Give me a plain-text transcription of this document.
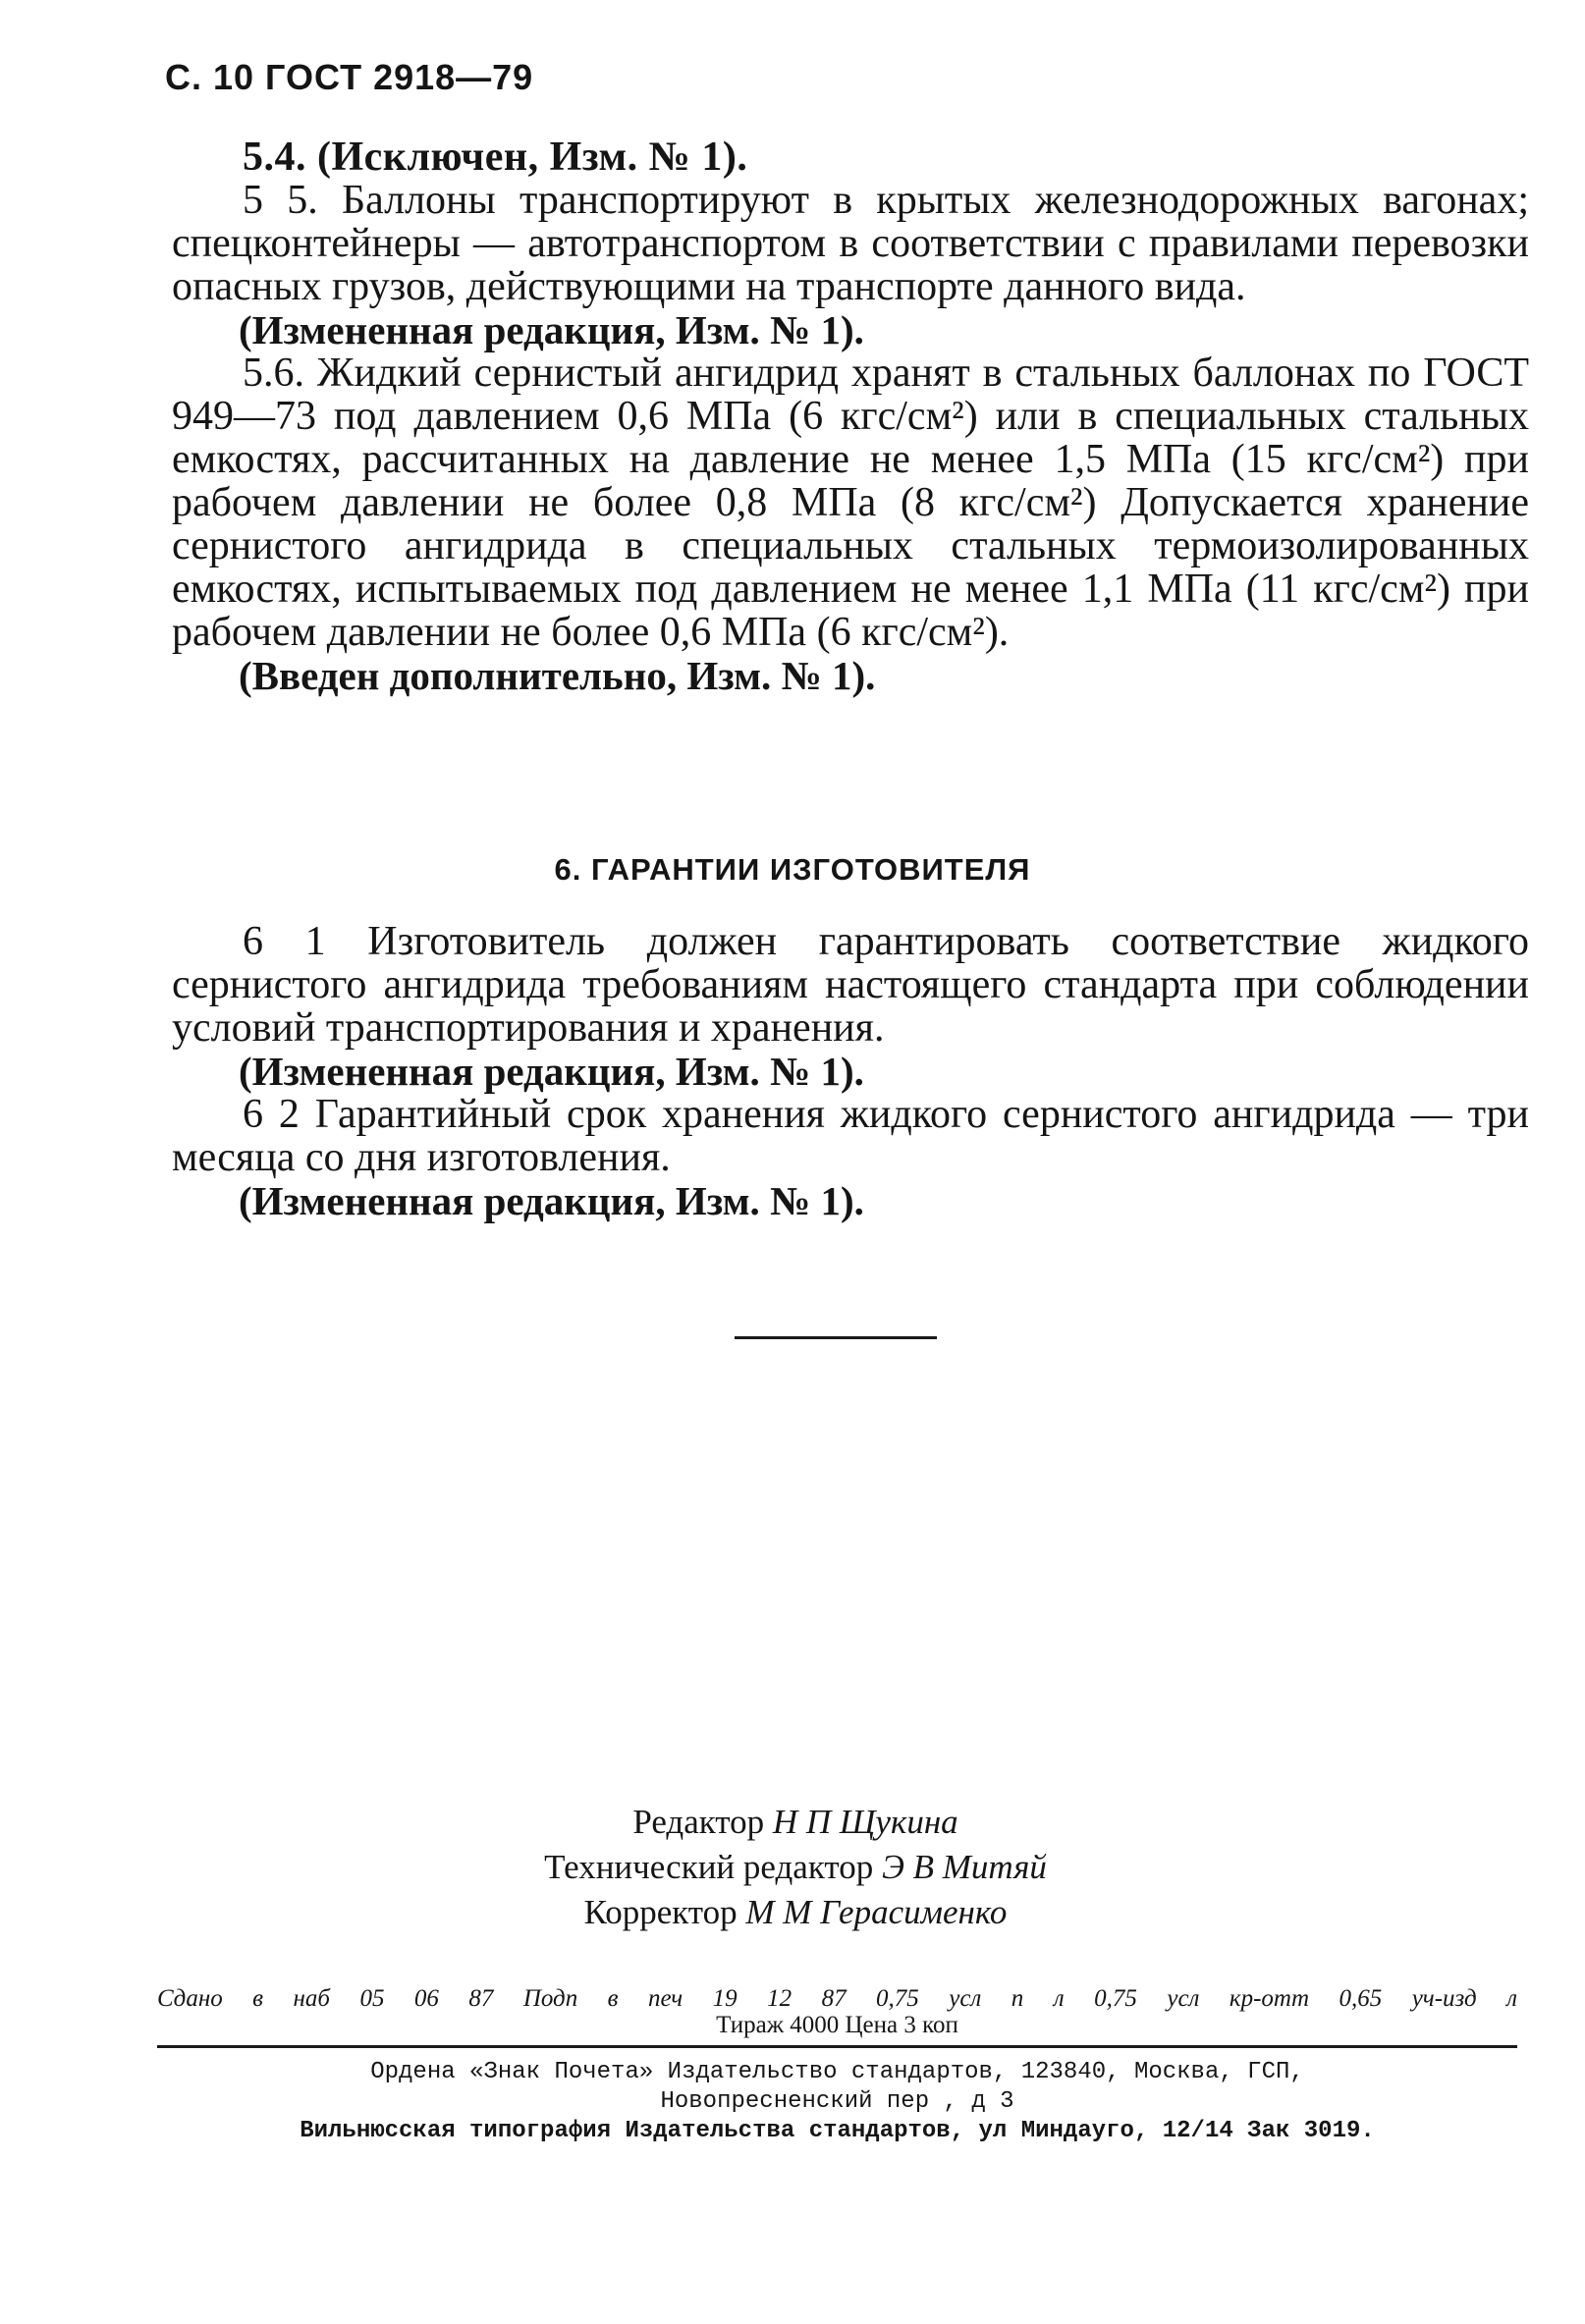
С. 10 ГОСТ 2918—79

5.4. (Исключен, Изм. № 1).

5 5. Баллоны транспортируют в крытых железнодорожных вагонах; спецконтейнеры — автотранспортом в соответствии с правилами перевозки опасных грузов, действующими на транспорте данного вида.

(Измененная редакция, Изм. № 1).

5.6. Жидкий сернистый ангидрид хранят в стальных баллонах по ГОСТ 949—73 под давлением 0,6 МПа (6 кгс/см²) или в специальных стальных емкостях, рассчитанных на давление не менее 1,5 МПа (15 кгс/см²) при рабочем давлении не более 0,8 МПа (8 кгс/см²) Допускается хранение сернистого ангидрида в специальных стальных термоизолированных емкостях, испытываемых под давлением не менее 1,1 МПа (11 кгс/см²) при рабочем давлении не более 0,6 МПа (6 кгс/см²).

(Введен дополнительно, Изм. № 1).

6. ГАРАНТИИ ИЗГОТОВИТЕЛЯ

6 1 Изготовитель должен гарантировать соответствие жидкого сернистого ангидрида требованиям настоящего стандарта при соблюдении условий транспортирования и хранения.

(Измененная редакция, Изм. № 1).

6 2 Гарантийный срок хранения жидкого сернистого ангидрида — три месяца со дня изготовления.

(Измененная редакция, Изм. № 1).

Редактор Н П Щукина
Технический редактор Э В Митяй
Корректор М М Герасименко
Сдано в наб 05 06 87 Подп в печ 19 12 87 0,75 усл п л 0,75 усл кр-отт 0,65 уч-изд л
Тираж 4000 Цена 3 коп
Ордена «Знак Почета» Издательство стандартов, 123840, Москва, ГСП,
Новопресненский пер , д 3
Вильнюсская типография Издательства стандартов, ул Миндауго, 12/14 Зак 3019.
